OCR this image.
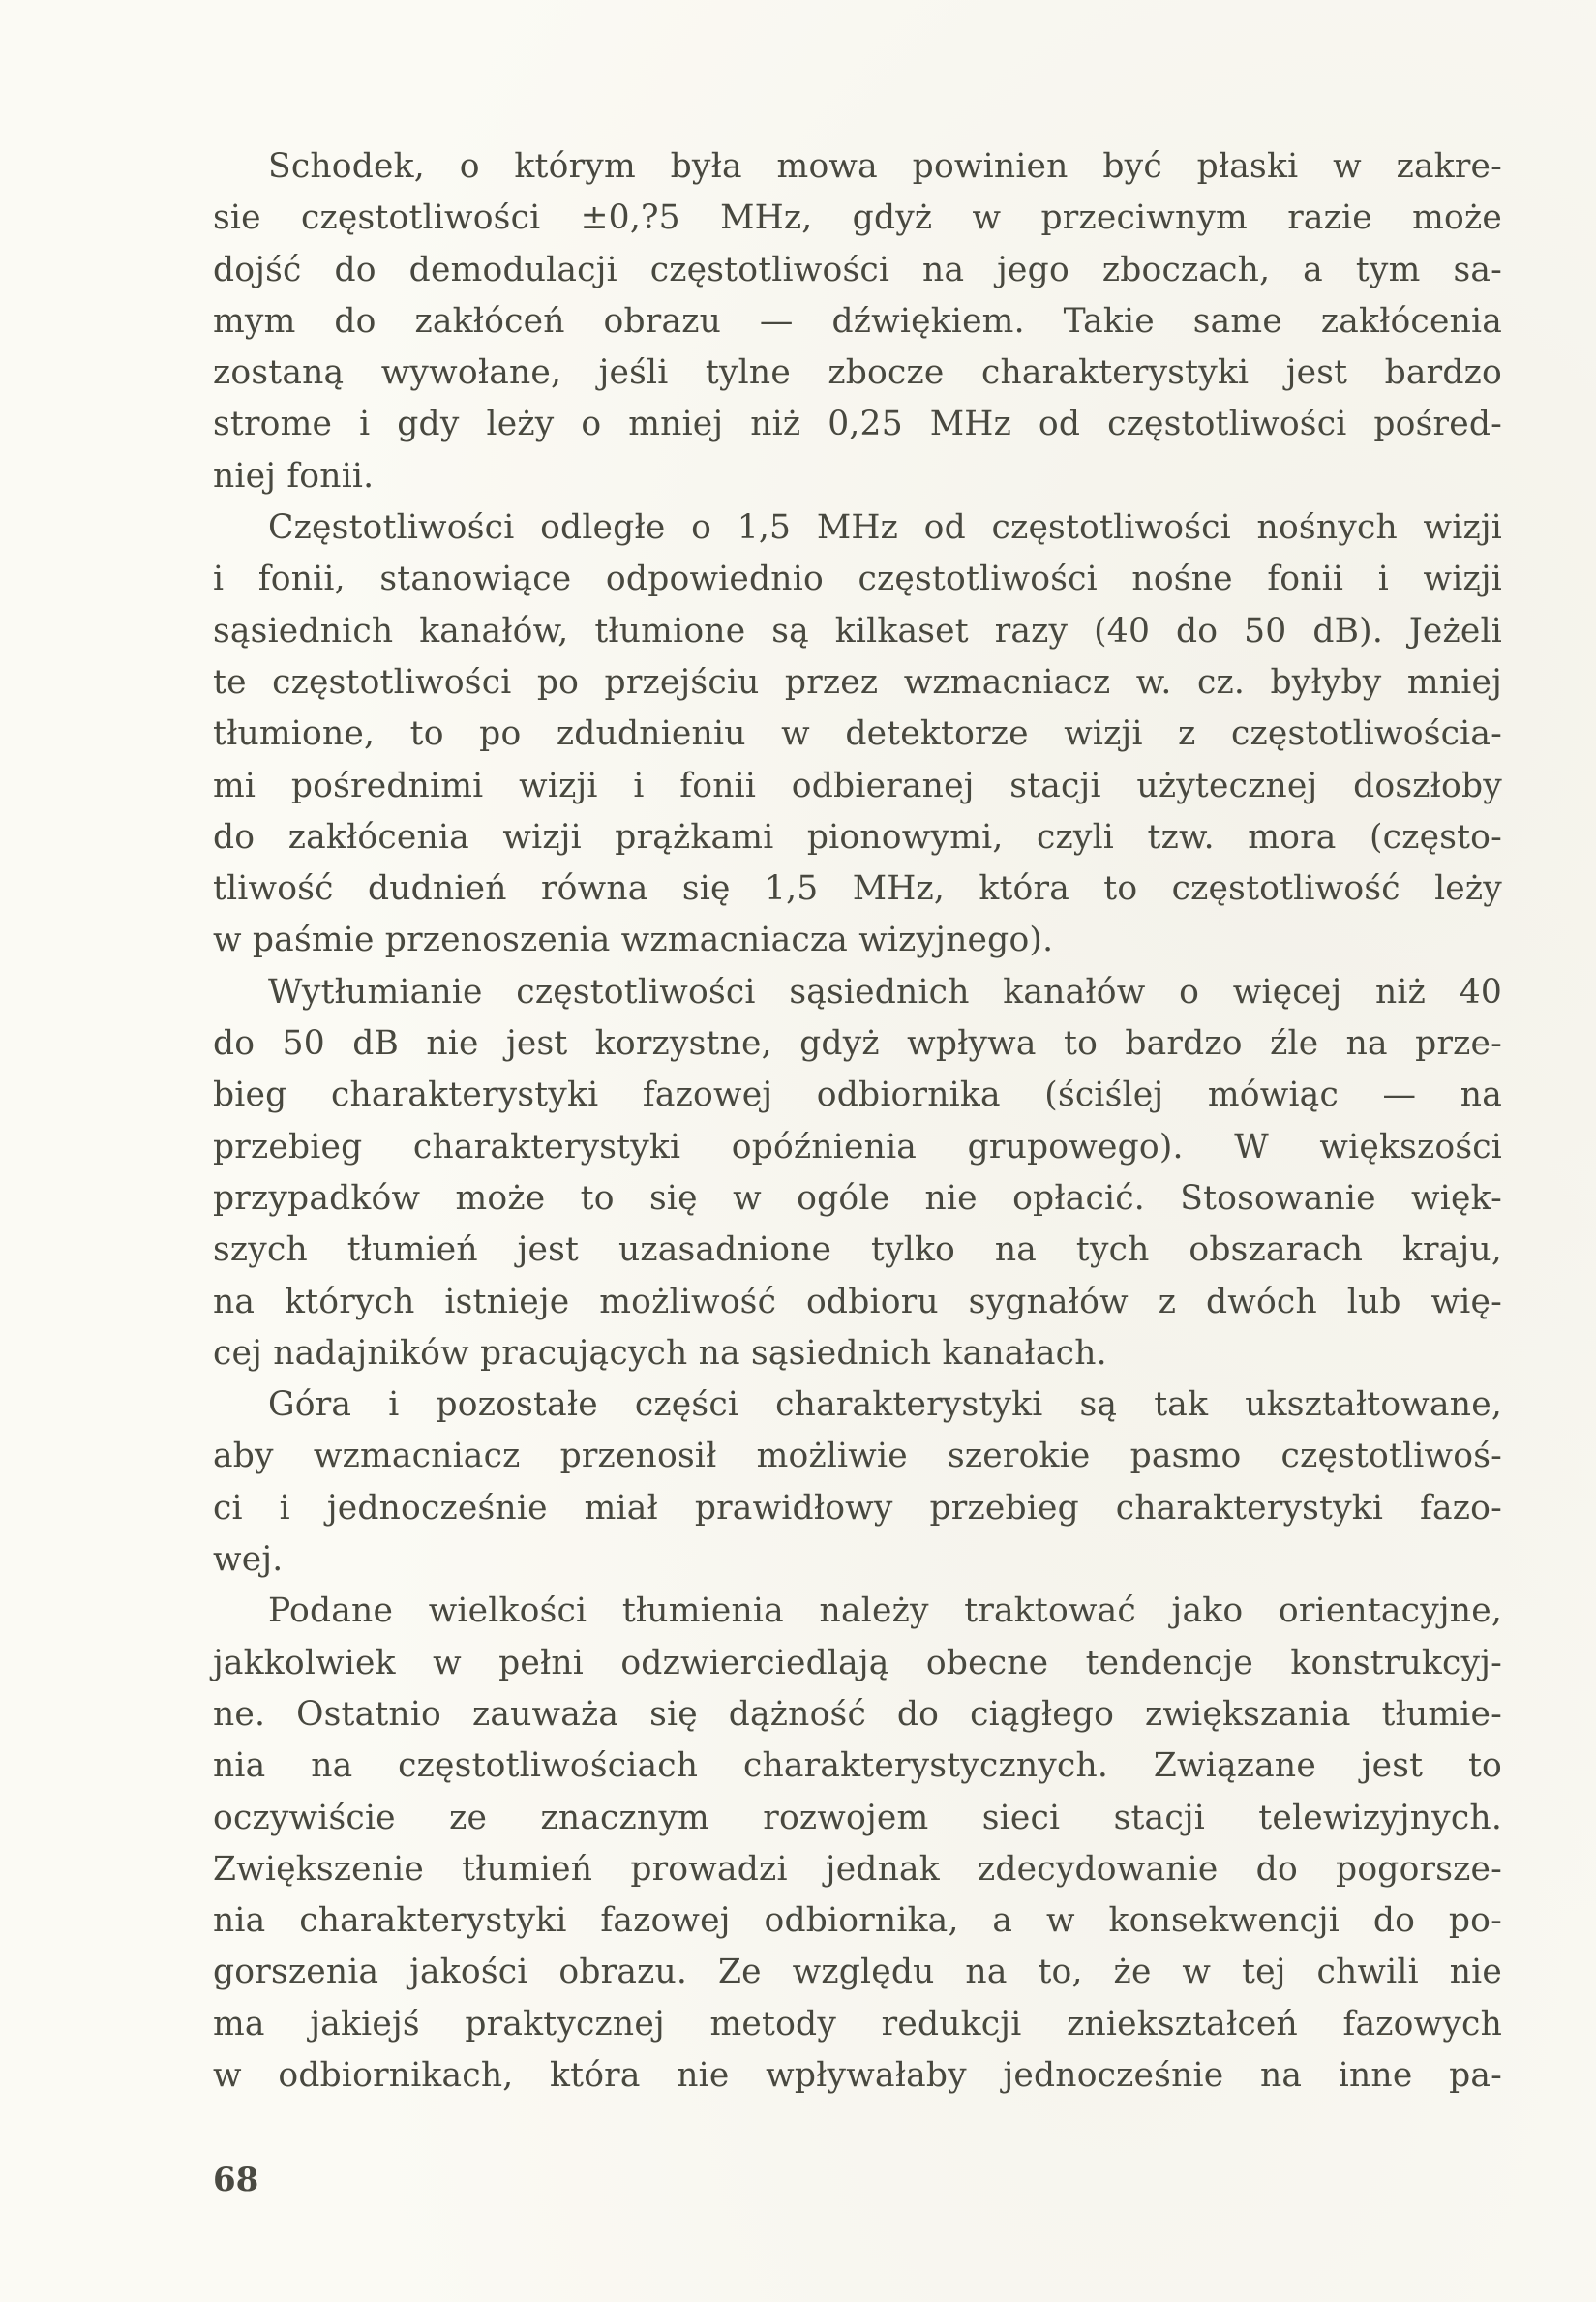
Schodek, o którym była mowa powinien być płaski w zakre-
sie częstotliwości ±0,?5 MHz, gdyż w przeciwnym razie może
dojść do demodulacji częstotliwości na jego zboczach, a tym sa-
mym do zakłóceń obrazu — dźwiękiem. Takie same zakłócenia
zostaną wywołane, jeśli tylne zbocze charakterystyki jest bardzo
strome i gdy leży o mniej niż 0,25 MHz od częstotliwości pośred-
niej fonii.
Częstotliwości odległe o 1,5 MHz od częstotliwości nośnych wizji
i fonii, stanowiące odpowiednio częstotliwości nośne fonii i wizji
sąsiednich kanałów, tłumione są kilkaset razy (40 do 50 dB). Jeżeli
te częstotliwości po przejściu przez wzmacniacz w. cz. byłyby mniej
tłumione, to po zdudnieniu w detektorze wizji z częstotliwościa-
mi pośrednimi wizji i fonii odbieranej stacji użytecznej doszłoby
do zakłócenia wizji prążkami pionowymi, czyli tzw. mora (często-
tliwość dudnień równa się 1,5 MHz, która to częstotliwość leży
w paśmie przenoszenia wzmacniacza wizyjnego).
Wytłumianie częstotliwości sąsiednich kanałów o więcej niż 40
do 50 dB nie jest korzystne, gdyż wpływa to bardzo źle na prze-
bieg charakterystyki fazowej odbiornika (ściślej mówiąc — na
przebieg charakterystyki opóźnienia grupowego). W większości
przypadków może to się w ogóle nie opłacić. Stosowanie więk-
szych tłumień jest uzasadnione tylko na tych obszarach kraju,
na których istnieje możliwość odbioru sygnałów z dwóch lub wię-
cej nadajników pracujących na sąsiednich kanałach.
Góra i pozostałe części charakterystyki są tak ukształtowane,
aby wzmacniacz przenosił możliwie szerokie pasmo częstotliwoś-
ci i jednocześnie miał prawidłowy przebieg charakterystyki fazo-
wej.
Podane wielkości tłumienia należy traktować jako orientacyjne,
jakkolwiek w pełni odzwierciedlają obecne tendencje konstrukcyj-
ne. Ostatnio zauważa się dążność do ciągłego zwiększania tłumie-
nia na częstotliwościach charakterystycznych. Związane jest to
oczywiście ze znacznym rozwojem sieci stacji telewizyjnych.
Zwiększenie tłumień prowadzi jednak zdecydowanie do pogorsze-
nia charakterystyki fazowej odbiornika, a w konsekwencji do po-
gorszenia jakości obrazu. Ze względu na to, że w tej chwili nie
ma jakiejś praktycznej metody redukcji zniekształceń fazowych
w odbiornikach, która nie wpływałaby jednocześnie na inne pa-
68
